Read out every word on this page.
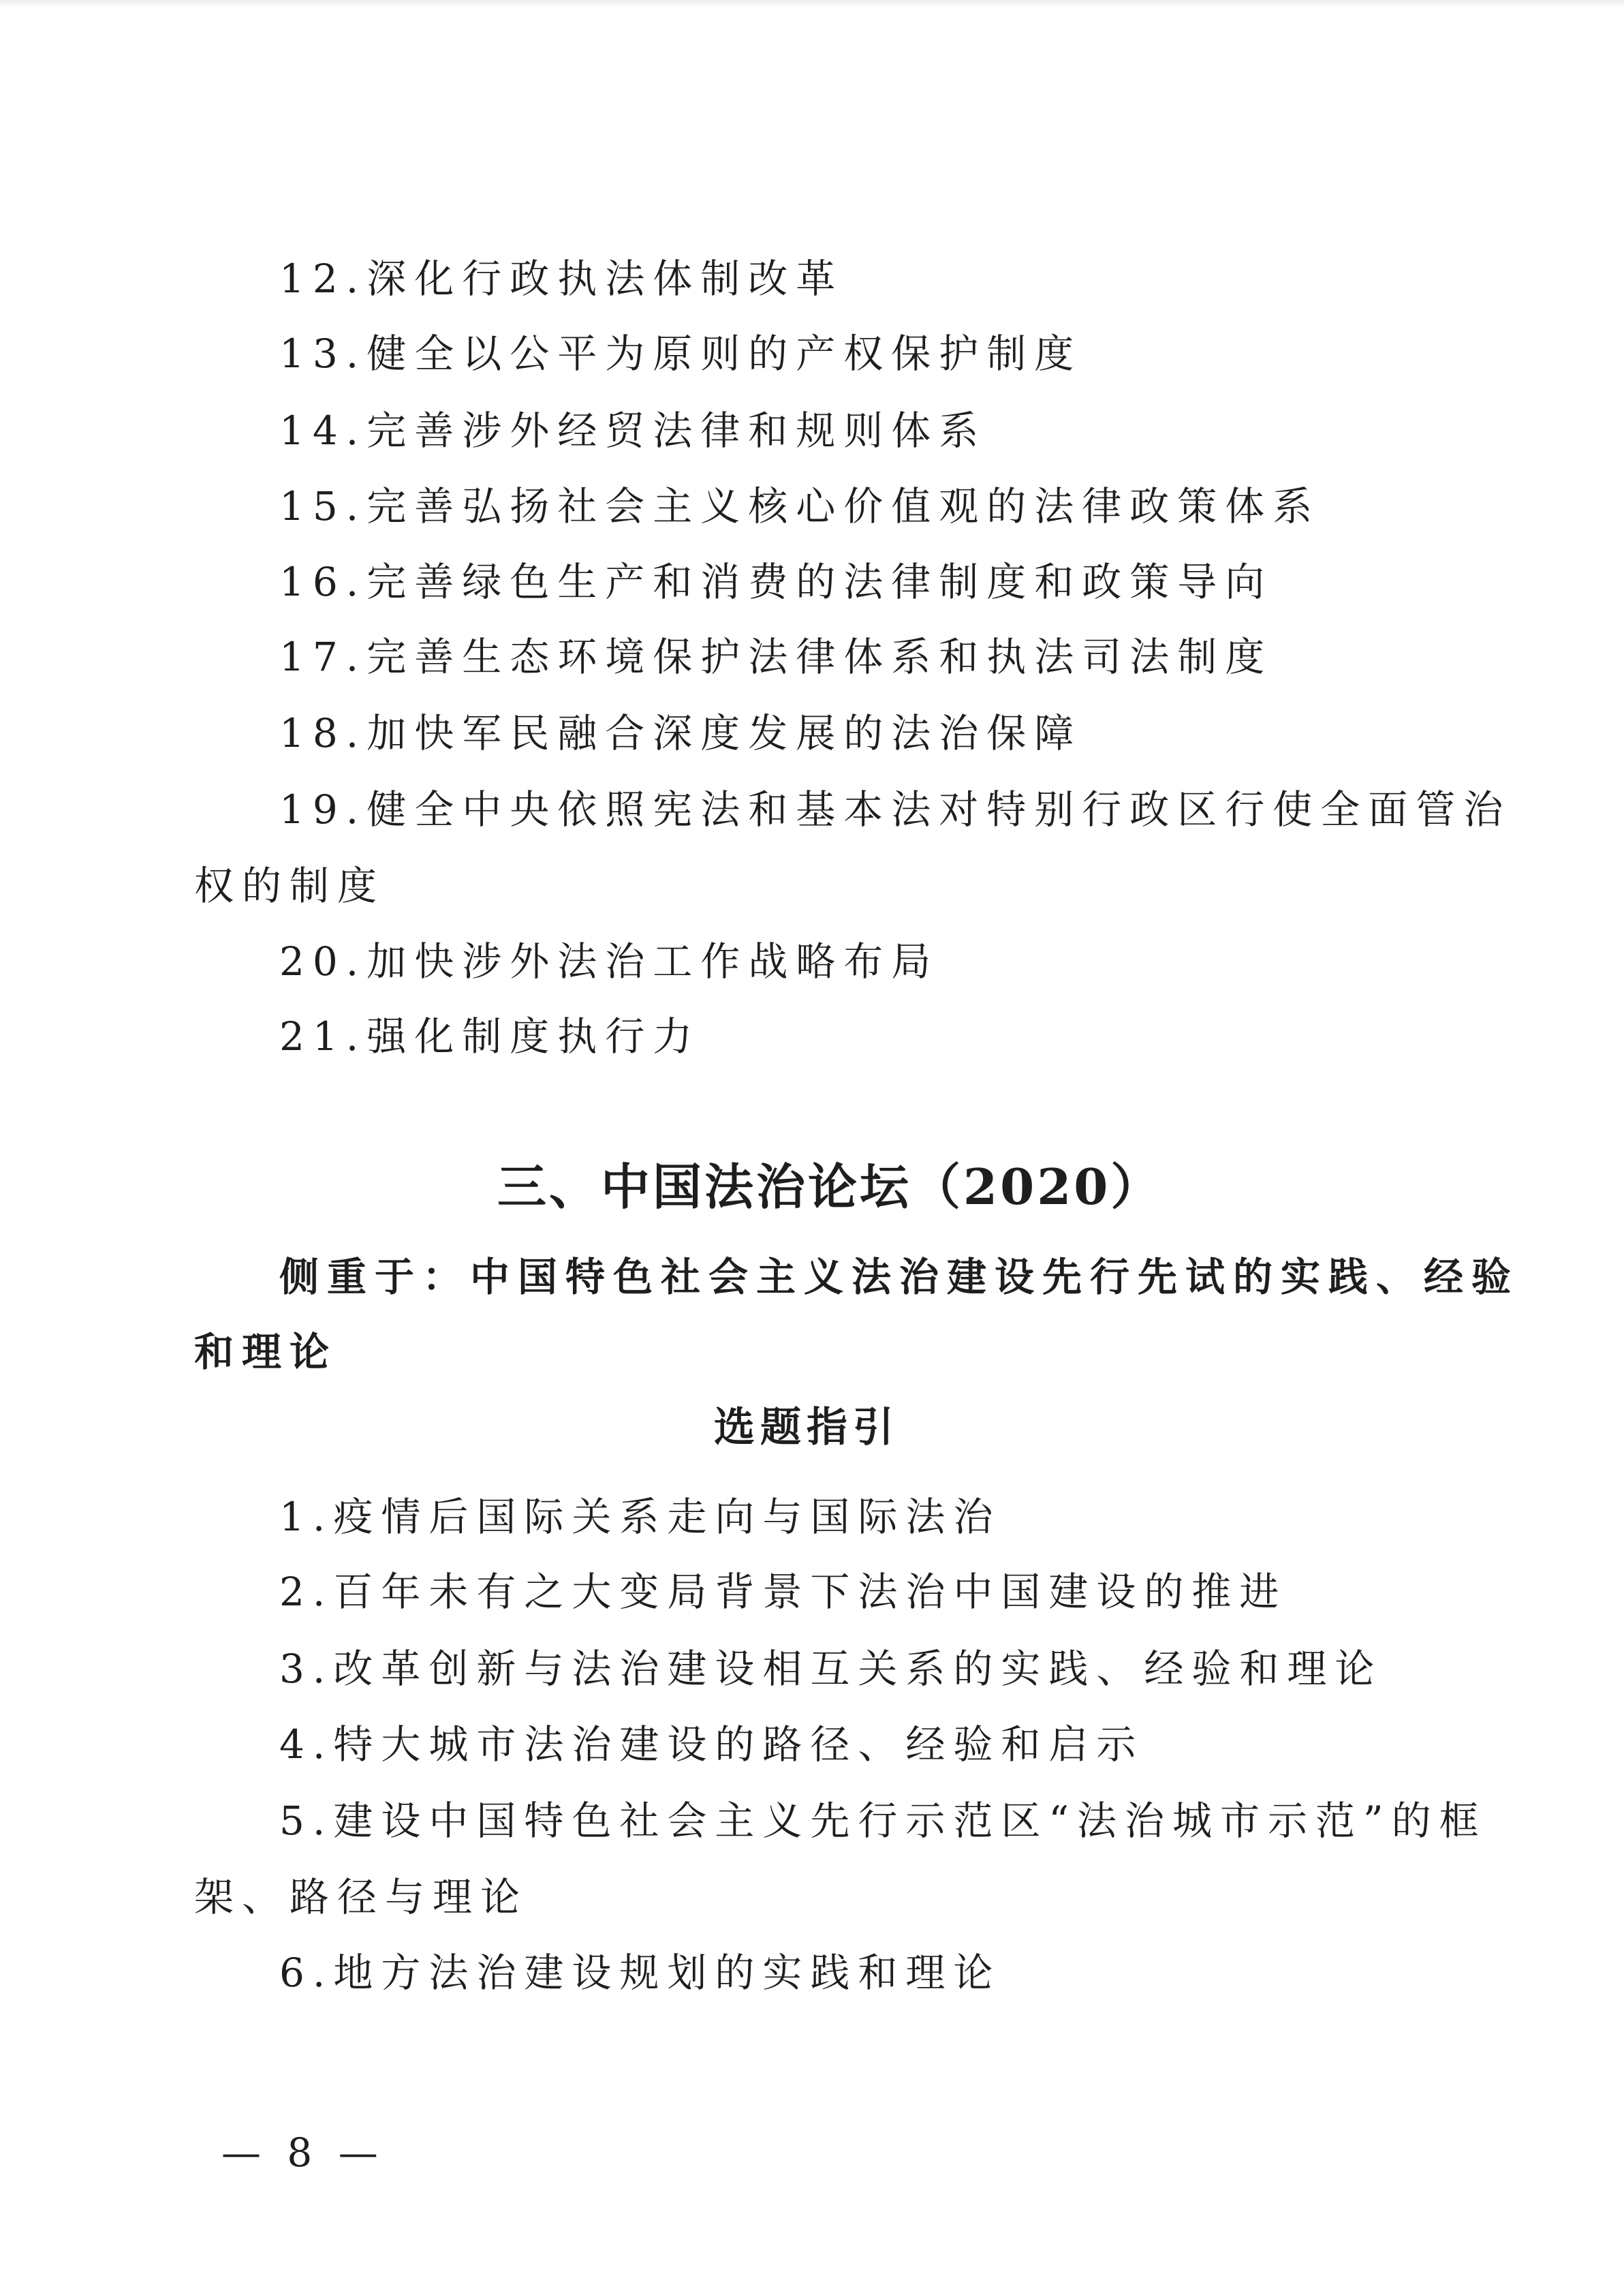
12.深化行政执法体制改革
13.健全以公平为原则的产权保护制度
14.完善涉外经贸法律和规则体系
15.完善弘扬社会主义核心价值观的法律政策体系
16.完善绿色生产和消费的法律制度和政策导向
17.完善生态环境保护法律体系和执法司法制度
18.加快军民融合深度发展的法治保障
19.健全中央依照宪法和基本法对特别行政区行使全面管治
权的制度
20.加快涉外法治工作战略布局
21.强化制度执行力
三、中国法治论坛（2020）
侧重于：中国特色社会主义法治建设先行先试的实践、经验
和理论
选题指引
1.疫情后国际关系走向与国际法治
2.百年未有之大变局背景下法治中国建设的推进
3.改革创新与法治建设相互关系的实践、经验和理论
4.特大城市法治建设的路径、经验和启示
5.建设中国特色社会主义先行示范区“法治城市示范”的框
架、路径与理论
6.地方法治建设规划的实践和理论
— 8 —
